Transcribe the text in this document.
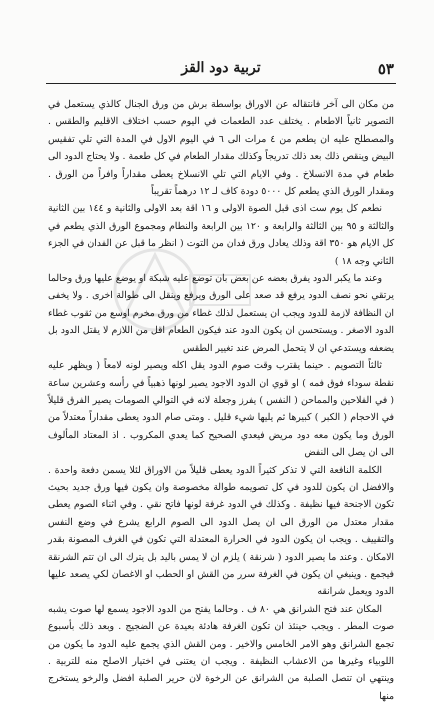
٥٣
تربية دود القز

من مكان الى آخر فانتقاله عن الاوراق بواسطة برش من ورق الجنال كالذي يستعمل في التصوير ثانياً الاطعام . يختلف عدد الطعمات في اليوم حسب اختلاف الاقليم والطقس . والمصطلح عليه ان يطعم من ٤ مرات الى ٦ في اليوم الاول في المدة التي تلي تفقيس البيض وينقص ذلك بعد ذلك تدريجاً وكذلك مقدار الطعام في كل طعمة . ولا يحتاج الدود الى طعام في مدة الانسلاخ . وفي الايام التي تلي الانسلاخ يعطى مقداراً وافراً من الورق . ومقدار الورق الذي يطعم كل ٥٠٠٠ دودة كاف لـ ١٢ درهماً تقريباً

نطعم كل يوم ست اذى قبل الصوة الاولى و ١٦ اقة بعد الاولى والثانية و ١٤٤ بين الثانية والثالثة و ٩٥ بين الثالثة والرابعة و ١٢٠ بين الرابعة والنطام ومجموع الورق الذي يطعم في كل الايام هو ٣٥٠ اقة وذلك يعادل ورق فدان من التوت ( انظر ما قبل عن الفدان في الجزء الثاني وجه ١٨ )

وعند ما يكبر الدود يفرق بعضه عن بعض بان توضع عليه شبكة او يوضع عليها ورق وحالما يرتقي نحو نصف الدود يرفع قد صعد على الورق ويرفع وينقل الى طوالة اخرى . ولا يخفى ان النظافة لازمة للدود ويجب ان يستعمل لذلك غطاء من ورق مخرم اوسع من ثقوب غطاء الدود الاصغر . ويستحسن ان يكون الدود عند فيكون الطعام اقل من اللازم لا يقتل الدود بل يضعفه ويستدعي ان لا يتحمل المرض عند تغيير الطقس

ثالثاً التصويم . حينما يقترب وقت صوم الدود يقل اكله ويصير لونه لامعاً ( ويظهر عليه نقطة سوداء فوق فمه ) او قوي ان الدود الاجود يصير لونها ذهبياً في رأسه وعشرين ساعة ( في الفلاحين والمماحن ( النفس ) يفرز وجعلة لانه في التوالي الصومات يصير الفرق قليلاً في الاحجام ( الكبر ) كبيرها ثم يليها شيء قليل . ومتى صام الدود يعطى مقداراً معتدلاً من الورق وما يكون معه دود مريض فيعدي الصحيح كما يعدي المكروب . اذ المعتاد المألوف الى ان يصل الى النفض

الكلمة النافعة التي لا تذكر كثيراً الدود يعطى قليلاً من الاوراق لئلا يسمن دفعة واحدة . والافضل ان يكون للدود في كل تصويمه طوالة مخصوصة وان يكون فيها ورق جديد بحيث تكون الاجنحة فيها نظيفة . وكذلك في الدود غرفة لونها فاتح نقي . وفي اثناء الصوم يعطى مقدار معتدل من الورق الى ان يصل الدود الى الصوم الرابع يشرع في وضع النفس والتقييف . ويجب ان يكون الدود في الحرارة المعتدلة التي تكون في الغرف المصونة بقدر الامكان . وعند ما يصير الدود ( شرنقة ) يلزم ان لا يمس باليد بل يترك الى ان تتم الشرنقة فيجمع . وينبغي ان يكون في الغرفة سرر من القش او الحطب او الاغصان لكي يصعد عليها الدود ويعمل شرانقه

المكان عند فتح الشرانق هي ٨٠ ف . وحالما يفتح من الدود الاجود يسمع لها صوت يشبه صوت المطر . ويجب حينئذ ان تكون الغرفة هادئة بعيدة عن الضجيج . وبعد ذلك بأسبوع تجمع الشرانق وهو الامر الخامس والاخير . ومن القش الذي يجمع عليه الدود ما يكون من اللوبياء وغيرها من الاعشاب النظيفة . ويجب ان يعتنى في اختيار الاصلح منه للتربية . وينتهي ان تتصل الصلبة من الشرانق عن الرخوة لان حرير الصلبة افضل والرخو يستخرج منها
